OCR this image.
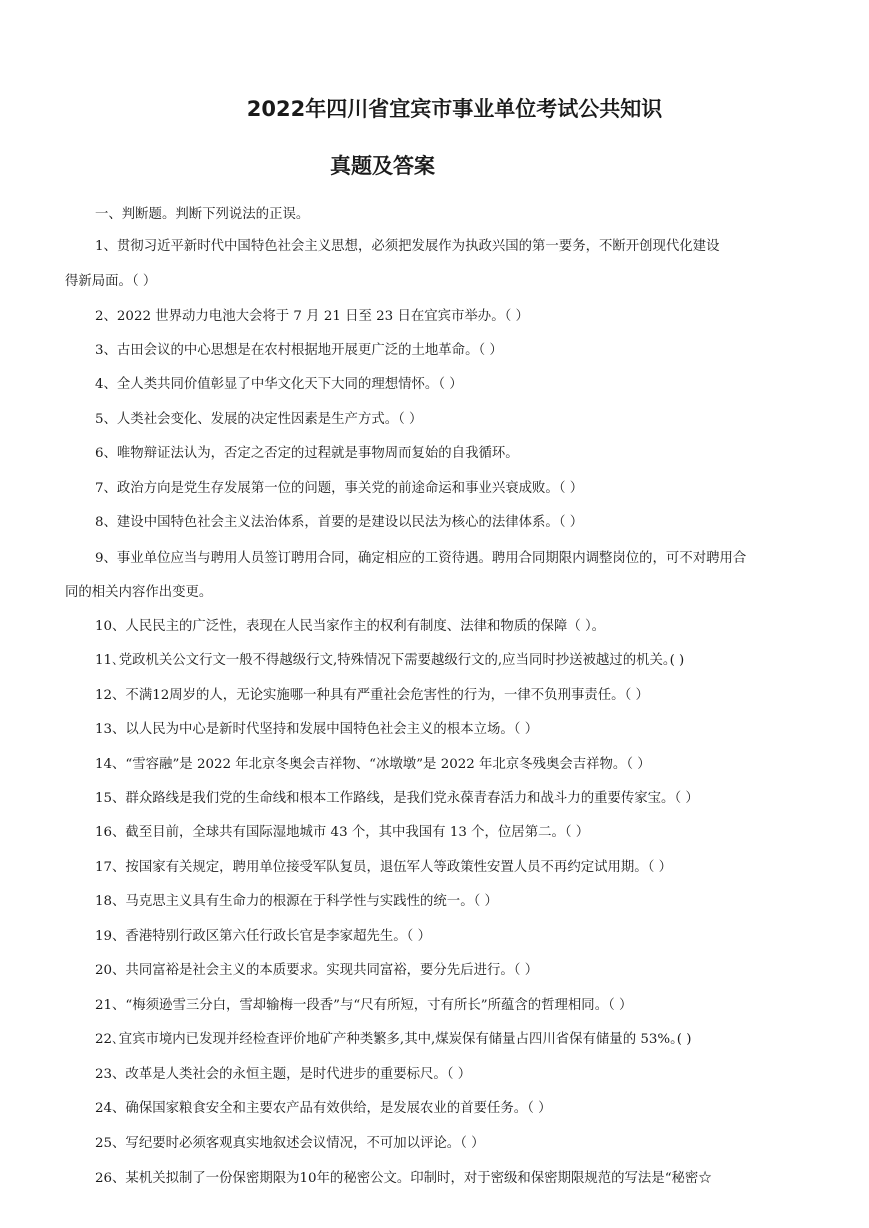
2022年四川省宜宾市事业单位考试公共知识
真题及答案
一、判断题。判断下列说法的正误。
1、贯彻习近平新时代中国特色社会主义思想，必须把发展作为执政兴国的第一要务，不断开创现代化建设
得新局面。（ ）
2、2022 世界动力电池大会将于 7 月 21 日至 23 日在宜宾市举办。（ ）
3、古田会议的中心思想是在农村根据地开展更广泛的土地革命。（ ）
4、全人类共同价值彰显了中华文化天下大同的理想情怀。（ ）
5、人类社会变化、发展的决定性因素是生产方式。（ ）
6、唯物辩证法认为，否定之否定的过程就是事物周而复始的自我循环。
7、政治方向是党生存发展第一位的问题，事关党的前途命运和事业兴衰成败。（ ）
8、建设中国特色社会主义法治体系，首要的是建设以民法为核心的法律体系。（ ）
9、事业单位应当与聘用人员签订聘用合同，确定相应的工资待遇。聘用合同期限内调整岗位的，可不对聘用合
同的相关内容作出变更。
10、人民民主的广泛性，表现在人民当家作主的权利有制度、法律和物质的保障（ ）。
11､党政机关公文行文一般不得越级行文,特殊情况下需要越级行文的,应当同时抄送被越过的机关｡( )
12、不满12周岁的人，无论实施哪一种具有严重社会危害性的行为，一律不负刑事责任。（ ）
13、以人民为中心是新时代坚持和发展中国特色社会主义的根本立场。（ ）
14、“雪容融”是 2022 年北京冬奥会吉祥物、“冰墩墩”是 2022 年北京冬残奥会吉祥物。（ ）
15、群众路线是我们党的生命线和根本工作路线，是我们党永葆青春活力和战斗力的重要传家宝。（ ）
16、截至目前，全球共有国际湿地城市 43 个，其中我国有 13 个，位居第二。（ ）
17、按国家有关规定，聘用单位接受军队复员，退伍军人等政策性安置人员不再约定试用期。（ ）
18、马克思主义具有生命力的根源在于科学性与实践性的统一。（ ）
19、香港特别行政区第六任行政长官是李家超先生。（ ）
20、共同富裕是社会主义的本质要求。实现共同富裕，要分先后进行。（ ）
21、“梅须逊雪三分白，雪却输梅一段香”与“尺有所短，寸有所长”所蕴含的哲理相同。（ ）
22､宜宾市境内已发现并经检查评价地矿产种类繁多,其中,煤炭保有储量占四川省保有储量的 53%｡( )
23、改革是人类社会的永恒主题，是时代进步的重要标尺。（ ）
24、确保国家粮食安全和主要农产品有效供给，是发展农业的首要任务。（ ）
25、写纪要时必须客观真实地叙述会议情况，不可加以评论。（ ）
26、某机关拟制了一份保密期限为10年的秘密公文。印制时，对于密级和保密期限规范的写法是“秘密☆
